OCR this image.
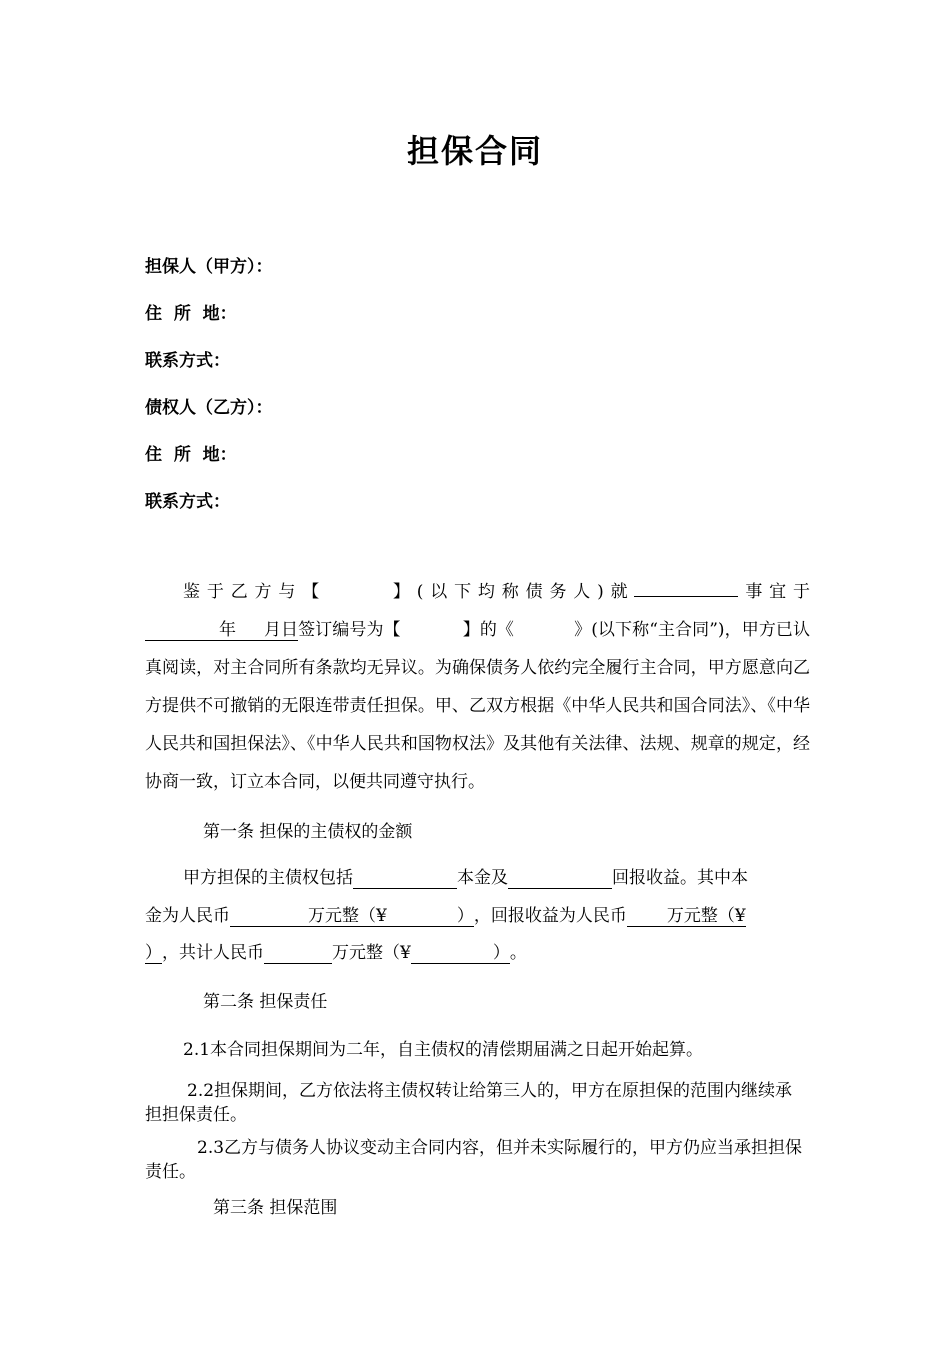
担保合同
担保人（甲方）：
住  所  地：
联系方式：
债权人（乙方）：
住  所  地：
联系方式：
鉴于乙方与【	】(以下均称债务人)就	事宜于年 月日签订编号为【	】的《	》(以下称“主合同”)，甲方已认真阅读，对主合同所有条款均无异议。为确保债务人依约完全履行主合同，甲方愿意向乙方提供不可撤销的无限连带责任担保。甲、乙双方根据《中华人民共和国合同法》、《中华人民共和国担保法》、《中华人民共和国物权法》及其他有关法律、法规、规章的规定，经协商一致，订立本合同，以便共同遵守执行。
第一条 担保的主债权的金额
甲方担保的主债权包括	本金及	回报收益。其中本
金为人民币	万元整（¥	），回报收益为人民币 万元整（¥
），共计人民币	万元整（¥	）。
第二条 担保责任
2.1本合同担保期间为二年，自主债权的清偿期届满之日起开始起算。
2.2担保期间，乙方依法将主债权转让给第三人的，甲方在原担保的范围内继续承担担保责任。
2.3乙方与债务人协议变动主合同内容，但并未实际履行的，甲方仍应当承担担保责任。
第三条 担保范围
